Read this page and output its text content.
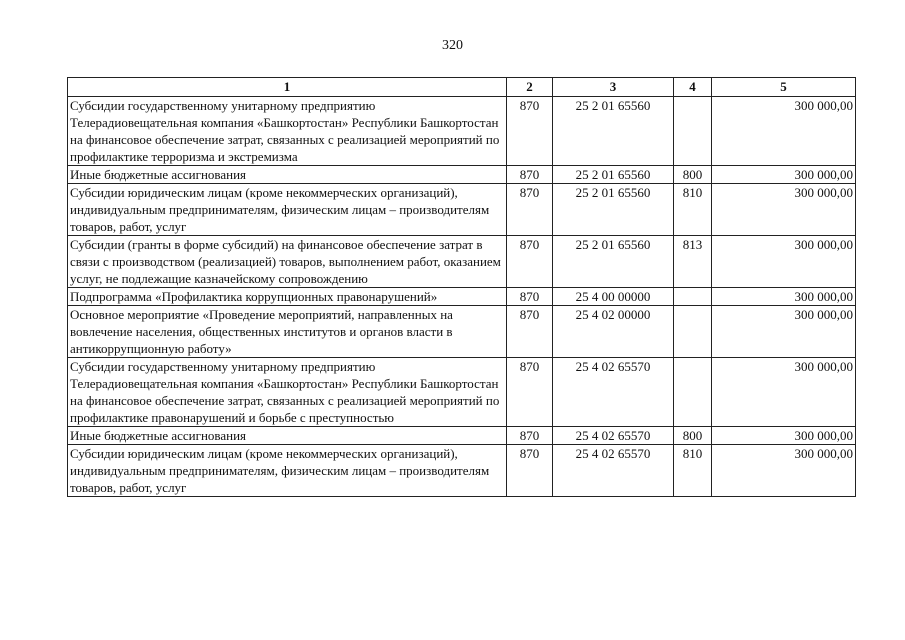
320
1	2	3	4	5
Субсидии государственному унитарному предприятию Телерадиовещательная компания «Башкортостан» Республики Башкортостан на финансовое обеспечение затрат, связанных с реализацией мероприятий по профилактике терроризма и экстремизма	870	25 2 01 65560		300 000,00
Иные бюджетные ассигнования	870	25 2 01 65560	800	300 000,00
Субсидии юридическим лицам (кроме некоммерческих организаций), индивидуальным предпринимателям, физическим лицам – производителям товаров, работ, услуг	870	25 2 01 65560	810	300 000,00
Субсидии (гранты в форме субсидий) на финансовое обеспечение затрат в связи с производством (реализацией) товаров, выполнением работ, оказанием услуг, не подлежащие казначейскому сопровождению	870	25 2 01 65560	813	300 000,00
Подпрограмма «Профилактика коррупционных правонарушений»	870	25 4 00 00000		300 000,00
Основное мероприятие «Проведение мероприятий, направленных на вовлечение населения, общественных институтов и органов власти в антикоррупционную работу»	870	25 4 02 00000		300 000,00
Субсидии государственному унитарному предприятию Телерадиовещательная компания «Башкортостан» Республики Башкортостан на финансовое обеспечение затрат, связанных с реализацией мероприятий по профилактике правонарушений и борьбе с преступностью	870	25 4 02 65570		300 000,00
Иные бюджетные ассигнования	870	25 4 02 65570	800	300 000,00
Субсидии юридическим лицам (кроме некоммерческих организаций), индивидуальным предпринимателям, физическим лицам – производителям товаров, работ, услуг	870	25 4 02 65570	810	300 000,00
